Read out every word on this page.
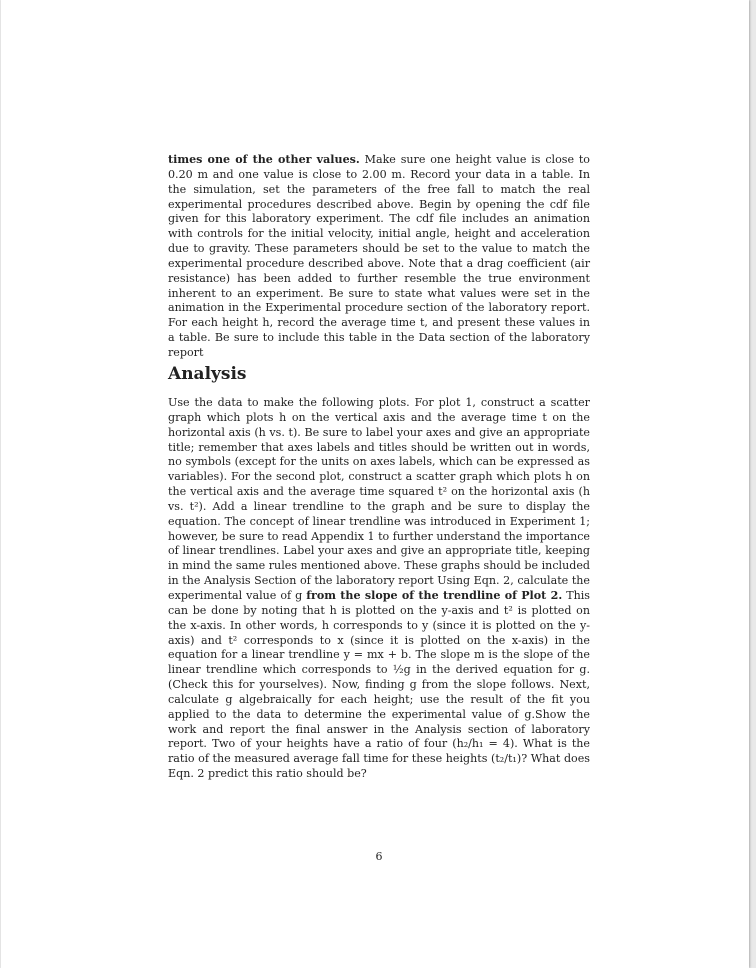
times one of the other values. Make sure one height value is close to 0.20 m and one value is close to 2.00 m. Record your data in a table. In the simulation, set the parameters of the free fall to match the real experimental procedures described above. Begin by opening the cdf file given for this laboratory experiment. The cdf file includes an animation with controls for the initial velocity, initial angle, height and acceleration due to gravity. These parameters should be set to the value to match the experimental procedure described above. Note that a drag coefficient (air resistance) has been added to further resemble the true environment inherent to an experiment. Be sure to state what values were set in the animation in the Experimental procedure section of the laboratory report. For each height h, record the average time t, and present these values in a table. Be sure to include this table in the Data section of the laboratory report
Analysis
Use the data to make the following plots. For plot 1, construct a scatter graph which plots h on the vertical axis and the average time t on the horizontal axis (h vs. t). Be sure to label your axes and give an appropriate title; remember that axes labels and titles should be written out in words, no symbols (except for the units on axes labels, which can be expressed as variables). For the second plot, construct a scatter graph which plots h on the vertical axis and the average time squared t² on the horizontal axis (h vs. t²). Add a linear trendline to the graph and be sure to display the equation. The concept of linear trendline was introduced in Experiment 1; however, be sure to read Appendix 1 to further understand the importance of linear trendlines. Label your axes and give an appropriate title, keeping in mind the same rules mentioned above. These graphs should be included in the Analysis Section of the laboratory report Using Eqn. 2, calculate the experimental value of g from the slope of the trendline of Plot 2. This can be done by noting that h is plotted on the y-axis and t² is plotted on the x-axis. In other words, h corresponds to y (since it is plotted on the y-axis) and t² corresponds to x (since it is plotted on the x-axis) in the equation for a linear trendline y = mx + b. The slope m is the slope of the linear trendline which corresponds to ½g in the derived equation for g. (Check this for yourselves). Now, finding g from the slope follows. Next, calculate g algebraically for each height; use the result of the fit you applied to the data to determine the experimental value of g.Show the work and report the final answer in the Analysis section of laboratory report. Two of your heights have a ratio of four (h₂/h₁ = 4). What is the ratio of the measured average fall time for these heights (t₂/t₁)? What does Eqn. 2 predict this ratio should be?
6
